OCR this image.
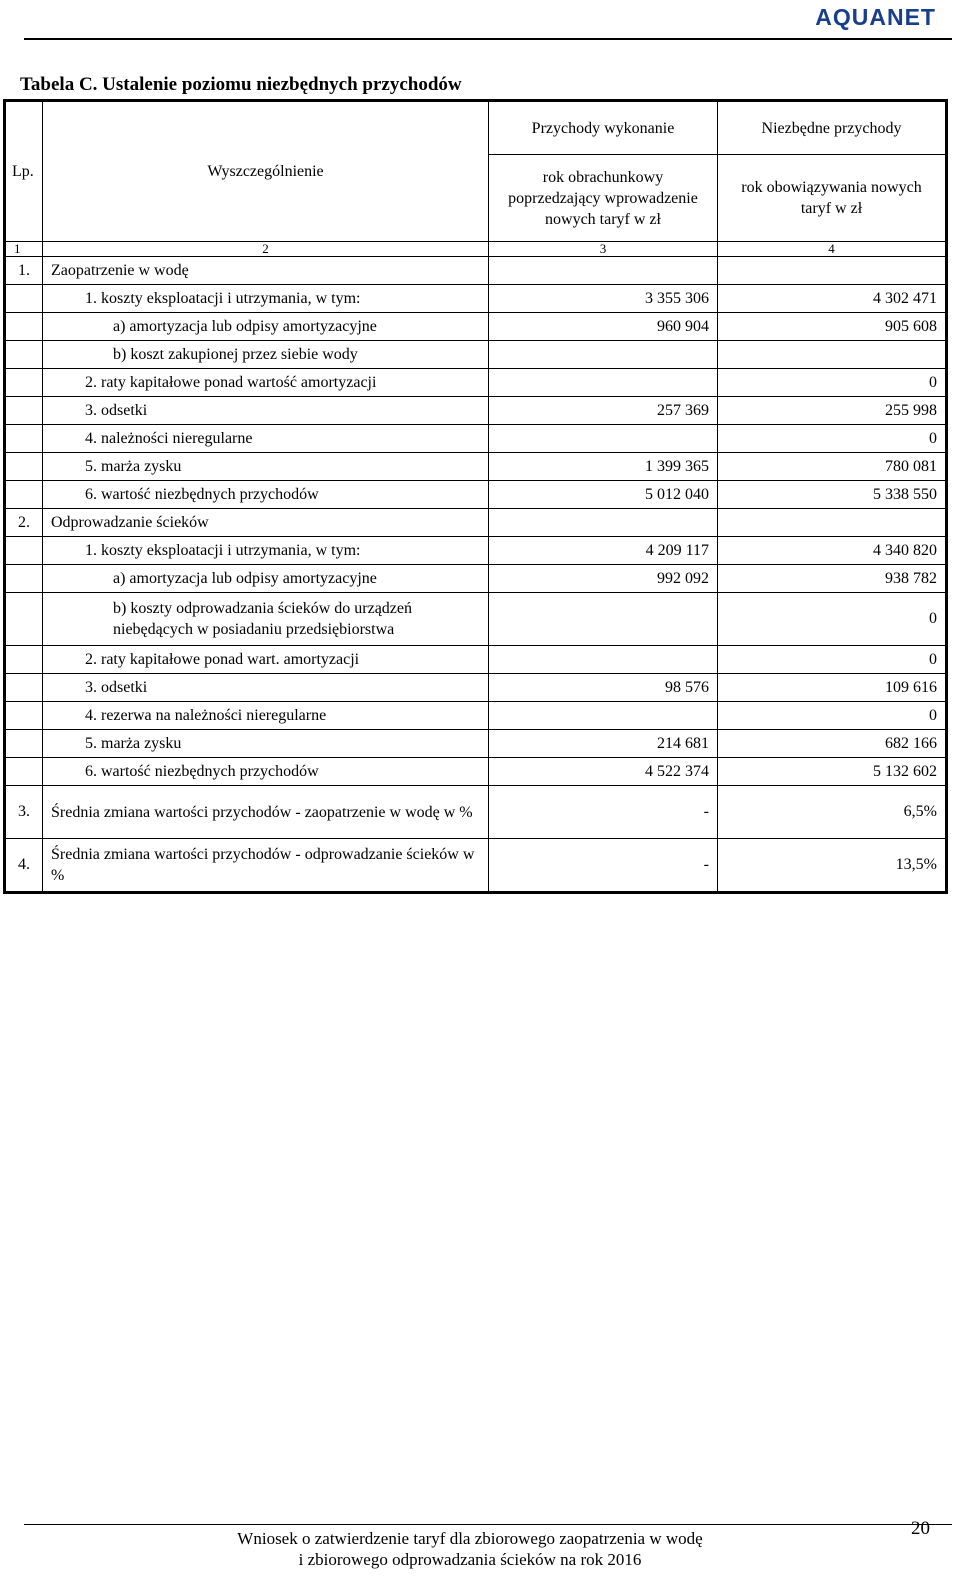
AQUANET
Tabela C. Ustalenie poziomu niezbędnych przychodów
Lp.	Wyszczególnienie	Przychody wykonanie	Niezbędne przychody
		rok obrachunkowy poprzedzający wprowadzenie nowych taryf w zł	rok obowiązywania nowych taryf w zł
1	2	3	4
1.	Zaopatrzenie w wodę		
	1. koszty eksploatacji i utrzymania, w tym:	3 355 306	4 302 471
	a) amortyzacja lub odpisy amortyzacyjne	960 904	905 608
	b) koszt zakupionej przez siebie wody		
	2. raty kapitałowe ponad wartość amortyzacji		0
	3. odsetki	257 369	255 998
	4. należności nieregularne		0
	5. marża zysku	1 399 365	780 081
	6. wartość niezbędnych przychodów	5 012 040	5 338 550
2.	Odprowadzanie ścieków		
	1. koszty eksploatacji i utrzymania, w tym:	4 209 117	4 340 820
	a) amortyzacja lub odpisy amortyzacyjne	992 092	938 782
	b) koszty odprowadzania ścieków do urządzeń niebędących w posiadaniu przedsiębiorstwa		0
	2. raty kapitałowe ponad wart. amortyzacji		0
	3. odsetki	98 576	109 616
	4. rezerwa na należności nieregularne		0
	5. marża zysku	214 681	682 166
	6. wartość niezbędnych przychodów	4 522 374	5 132 602
3.	Średnia zmiana wartości przychodów - zaopatrzenie w wodę w %	-	6,5%
4.	Średnia zmiana wartości przychodów - odprowadzanie ścieków w %	-	13,5%
Wniosek o zatwierdzenie taryf dla zbiorowego zaopatrzenia w wodę
i zbiorowego odprowadzania ścieków na rok 2016
20
